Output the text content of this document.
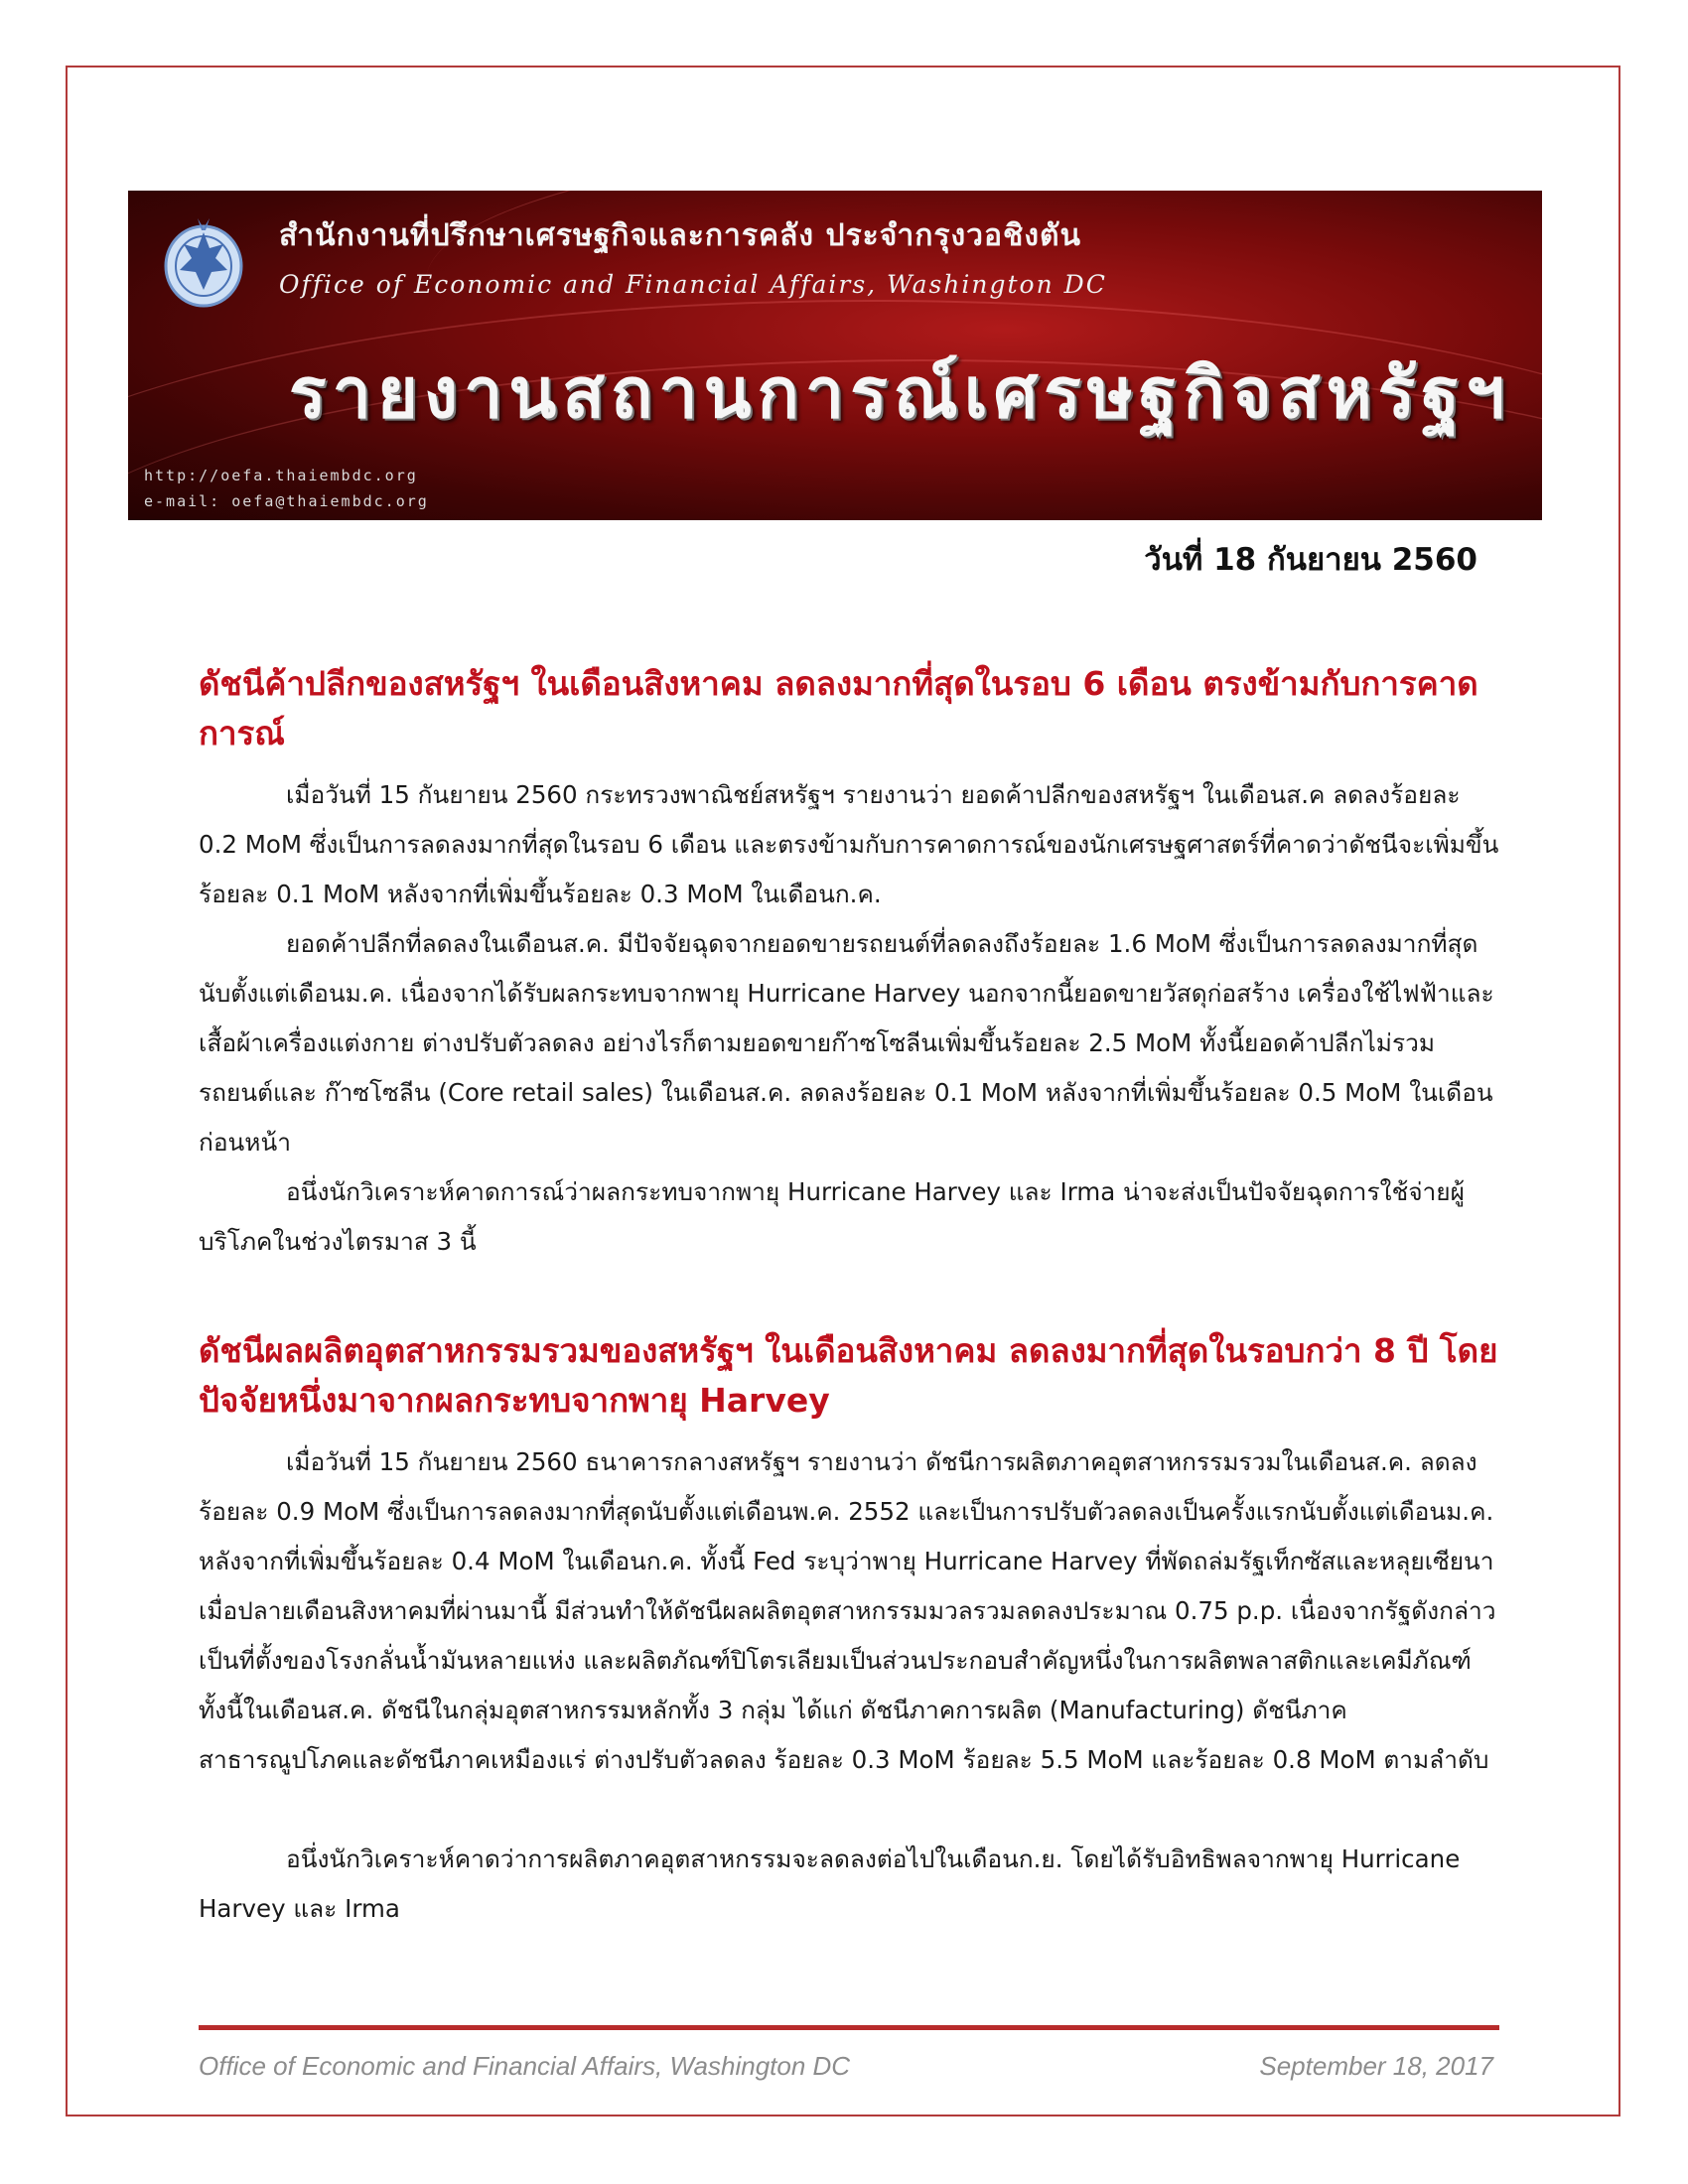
สำนักงานที่ปรึกษาเศรษฐกิจและการคลัง ประจำกรุงวอชิงตัน
Office of Economic and Financial Affairs, Washington DC
รายงานสถานการณ์เศรษฐกิจสหรัฐฯ
http://oefa.thaiembdc.org
e-mail: oefa@thaiembdc.org
วันที่ 18 กันยายน 2560
ดัชนีค้าปลีกของสหรัฐฯ ในเดือนสิงหาคม ลดลงมากที่สุดในรอบ 6 เดือน ตรงข้ามกับการคาดการณ์

เมื่อวันที่ 15 กันยายน 2560 กระทรวงพาณิชย์สหรัฐฯ รายงานว่า ยอดค้าปลีกของสหรัฐฯ ในเดือนส.ค ลดลงร้อยละ 0.2 MoM ซึ่งเป็นการลดลงมากที่สุดในรอบ 6 เดือน และตรงข้ามกับการคาดการณ์ของนักเศรษฐศาสตร์ที่คาดว่าดัชนีจะเพิ่มขึ้นร้อยละ 0.1 MoM หลังจากที่เพิ่มขึ้นร้อยละ 0.3 MoM ในเดือนก.ค.

ยอดค้าปลีกที่ลดลงในเดือนส.ค. มีปัจจัยฉุดจากยอดขายรถยนต์ที่ลดลงถึงร้อยละ 1.6 MoM ซึ่งเป็นการลดลงมากที่สุดนับตั้งแต่เดือนม.ค. เนื่องจากได้รับผลกระทบจากพายุ Hurricane Harvey นอกจากนี้ยอดขายวัสดุก่อสร้าง เครื่องใช้ไฟฟ้าและเสื้อผ้าเครื่องแต่งกาย ต่างปรับตัวลดลง อย่างไรก็ตามยอดขายก๊าซโซลีนเพิ่มขึ้นร้อยละ 2.5 MoM ทั้งนี้ยอดค้าปลีกไม่รวมรถยนต์และ ก๊าซโซลีน (Core retail sales) ในเดือนส.ค. ลดลงร้อยละ 0.1 MoM หลังจากที่เพิ่มขึ้นร้อยละ 0.5 MoM ในเดือนก่อนหน้า

อนึ่งนักวิเคราะห์คาดการณ์ว่าผลกระทบจากพายุ Hurricane Harvey และ Irma น่าจะส่งเป็นปัจจัยฉุดการใช้จ่ายผู้บริโภคในช่วงไตรมาส 3 นี้

ดัชนีผลผลิตอุตสาหกรรมรวมของสหรัฐฯ ในเดือนสิงหาคม ลดลงมากที่สุดในรอบกว่า 8 ปี โดยปัจจัยหนึ่งมาจากผลกระทบจากพายุ Harvey

เมื่อวันที่ 15 กันยายน 2560 ธนาคารกลางสหรัฐฯ รายงานว่า ดัชนีการผลิตภาคอุตสาหกรรมรวมในเดือนส.ค. ลดลงร้อยละ 0.9 MoM ซึ่งเป็นการลดลงมากที่สุดนับตั้งแต่เดือนพ.ค. 2552 และเป็นการปรับตัวลดลงเป็นครั้งแรกนับตั้งแต่เดือนม.ค. หลังจากที่เพิ่มขึ้นร้อยละ 0.4 MoM ในเดือนก.ค. ทั้งนี้ Fed ระบุว่าพายุ Hurricane Harvey ที่พัดถล่มรัฐเท็กซัสและหลุยเซียนาเมื่อปลายเดือนสิงหาคมที่ผ่านมานี้ มีส่วนทำให้ดัชนีผลผลิตอุตสาหกรรมมวลรวมลดลงประมาณ 0.75 p.p. เนื่องจากรัฐดังกล่าวเป็นที่ตั้งของโรงกลั่นน้ำมันหลายแห่ง และผลิตภัณฑ์ปิโตรเลียมเป็นส่วนประกอบสำคัญหนึ่งในการผลิตพลาสติกและเคมีภัณฑ์ ทั้งนี้ในเดือนส.ค. ดัชนีในกลุ่มอุตสาหกรรมหลักทั้ง 3 กลุ่ม ได้แก่ ดัชนีภาคการผลิต (Manufacturing) ดัชนีภาคสาธารณูปโภคและดัชนีภาคเหมืองแร่ ต่างปรับตัวลดลง ร้อยละ 0.3 MoM ร้อยละ 5.5 MoM และร้อยละ 0.8 MoM ตามลำดับ

อนึ่งนักวิเคราะห์คาดว่าการผลิตภาคอุตสาหกรรมจะลดลงต่อไปในเดือนก.ย. โดยได้รับอิทธิพลจากพายุ Hurricane Harvey และ Irma

Office of Economic and Financial Affairs, Washington DC	September 18, 2017
